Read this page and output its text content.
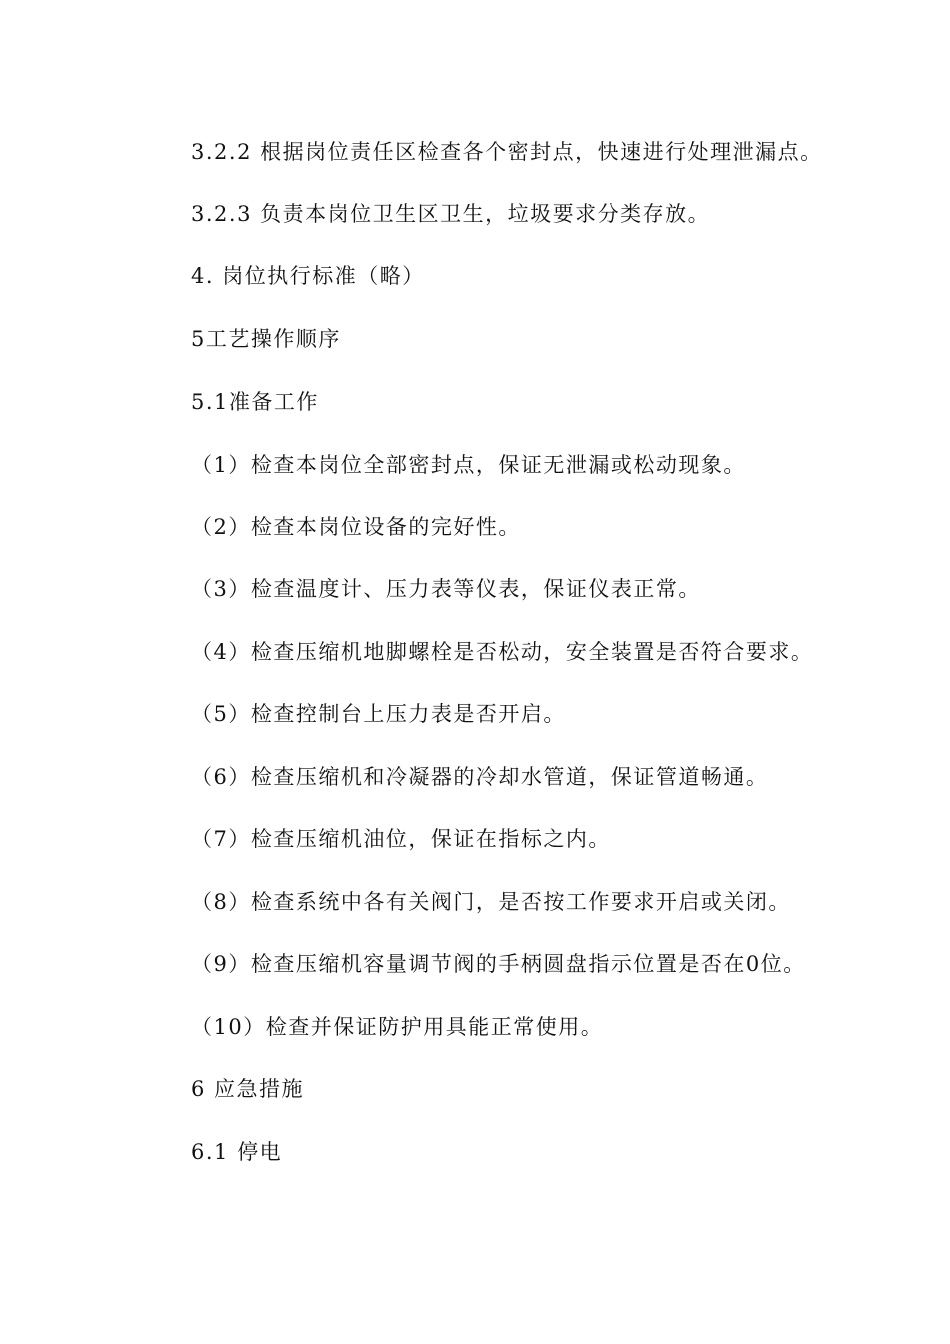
3.2.2 根据岗位责任区检查各个密封点，快速进行处理泄漏点。
3.2.3 负责本岗位卫生区卫生，垃圾要求分类存放。
4. 岗位执行标准（略）
5工艺操作顺序
5.1准备工作
（1）检查本岗位全部密封点，保证无泄漏或松动现象。
（2）检查本岗位设备的完好性。
（3）检查温度计、压力表等仪表，保证仪表正常。
（4）检查压缩机地脚螺栓是否松动，安全装置是否符合要求。
（5）检查控制台上压力表是否开启。
（6）检查压缩机和冷凝器的冷却水管道，保证管道畅通。
（7）检查压缩机油位，保证在指标之内。
（8）检查系统中各有关阀门，是否按工作要求开启或关闭。
（9）检查压缩机容量调节阀的手柄圆盘指示位置是否在0位。
（10）检查并保证防护用具能正常使用。
6 应急措施
6.1 停电
